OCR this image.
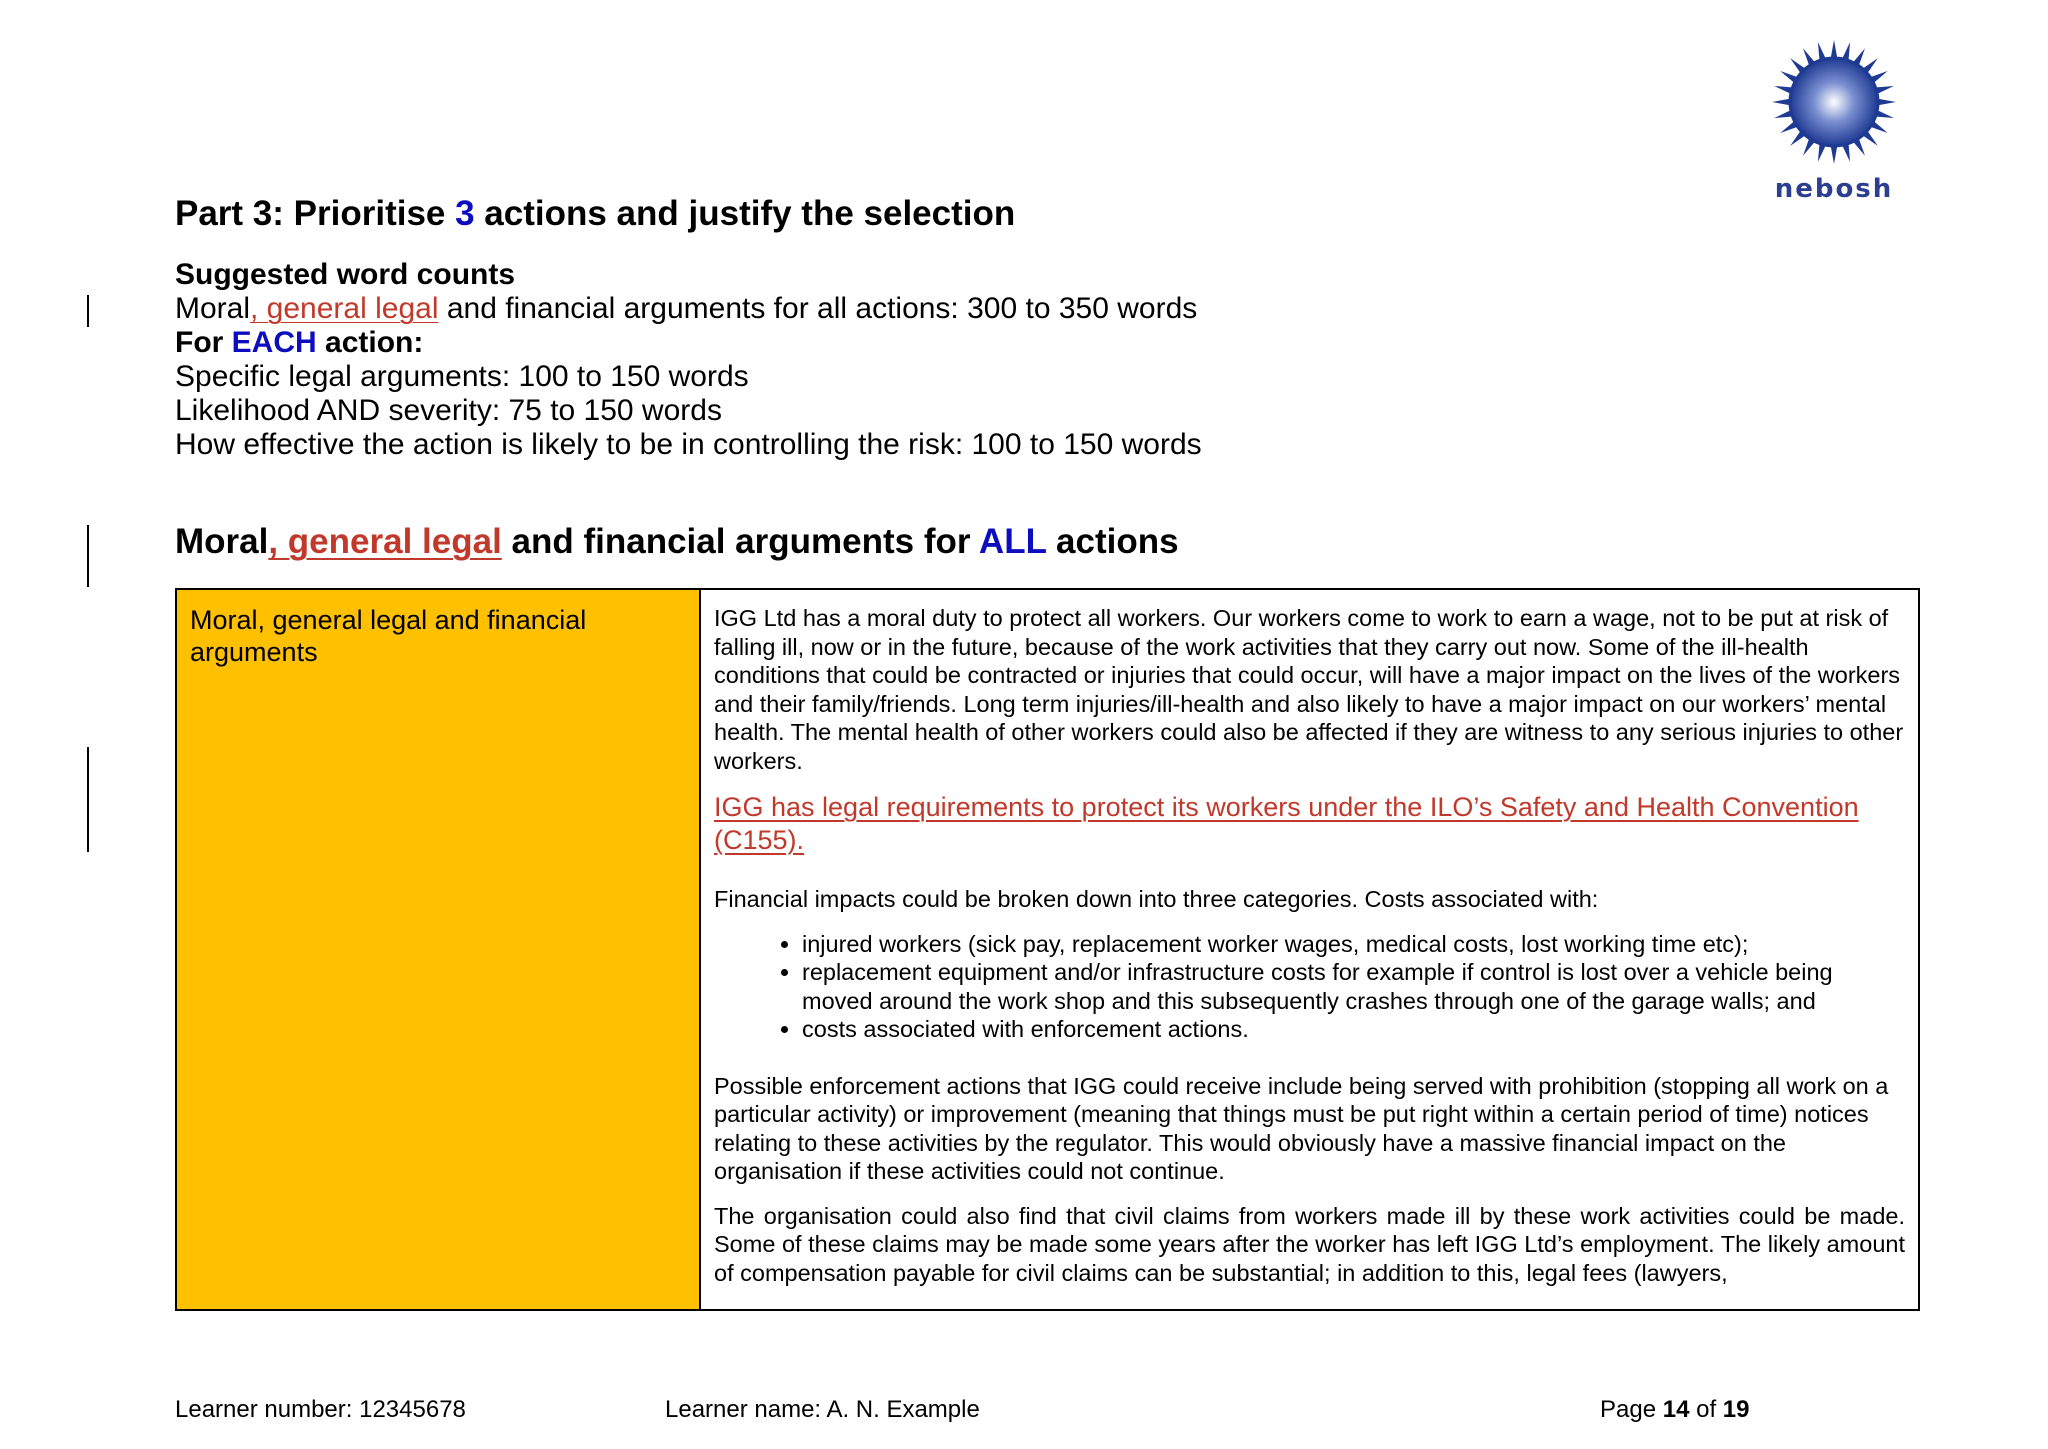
nebosh
Part 3: Prioritise 3 actions and justify the selection
Suggested word counts
Moral, general legal and financial arguments for all actions: 300 to 350 words
For EACH action:
Specific legal arguments: 100 to 150 words
Likelihood AND severity: 75 to 150 words
How effective the action is likely to be in controlling the risk: 100 to 150 words
Moral, general legal and financial arguments for ALL actions
Moral, general legal and financial arguments	

IGG Ltd has a moral duty to protect all workers. Our workers come to work to earn a wage, not to be put at risk of falling ill, now or in the future, because of the work activities that they carry out now. Some of the ill-health conditions that could be contracted or injuries that could occur, will have a major impact on the lives of the workers and their family/friends. Long term injuries/ill-health and also likely to have a major impact on our workers’ mental health. The mental health of other workers could also be affected if they are witness to any serious injuries to other workers.

IGG has legal requirements to protect its workers under the ILO’s Safety and Health Convention (C155).

Financial impacts could be broken down into three categories. Costs associated with:

• injured workers (sick pay, replacement worker wages, medical costs, lost working time etc);
• replacement equipment and/or infrastructure costs for example if control is lost over a vehicle being moved around the work shop and this subsequently crashes through one of the garage walls; and
• costs associated with enforcement actions.

Possible enforcement actions that IGG could receive include being served with prohibition (stopping all work on a particular activity) or improvement (meaning that things must be put right within a certain period of time) notices relating to these activities by the regulator. This would obviously have a massive financial impact on the organisation if these activities could not continue.

The organisation could also find that civil claims from workers made ill by these work activities could be made. Some of these claims may be made some years after the worker has left IGG Ltd’s employment. The likely amount of compensation payable for civil claims can be substantial; in addition to this, legal fees (lawyers,

Learner number: 12345678	Learner name: A. N. Example	Page 14 of 19
